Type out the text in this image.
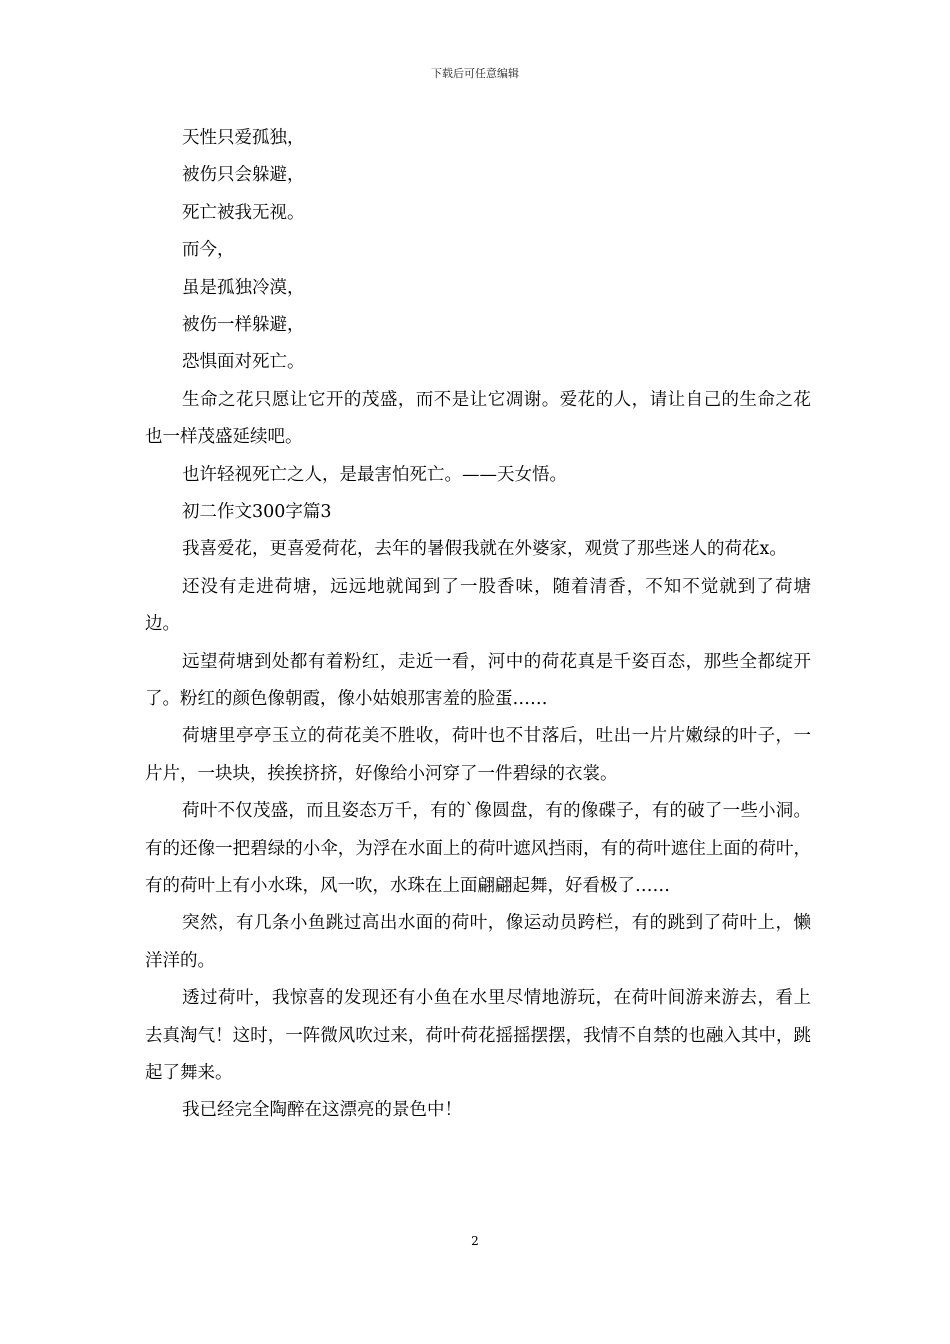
下载后可任意编辑
天性只爱孤独，
被伤只会躲避，
死亡被我无视。
而今，
虽是孤独冷漠，
被伤一样躲避，
恐惧面对死亡。
生命之花只愿让它开的茂盛，而不是让它凋谢。爱花的人，请让自己的生命之花也一样茂盛延续吧。
也许轻视死亡之人，是最害怕死亡。——天女悟。
初二作文300字篇3
我喜爱花，更喜爱荷花，去年的暑假我就在外婆家，观赏了那些迷人的荷花x。
还没有走进荷塘，远远地就闻到了一股香味，随着清香，不知不觉就到了荷塘边。
远望荷塘到处都有着粉红，走近一看，河中的荷花真是千姿百态，那些全都绽开了。粉红的颜色像朝霞，像小姑娘那害羞的脸蛋……
荷塘里亭亭玉立的荷花美不胜收，荷叶也不甘落后，吐出一片片嫩绿的叶子，一片片，一块块，挨挨挤挤，好像给小河穿了一件碧绿的衣裳。
荷叶不仅茂盛，而且姿态万千，有的`像圆盘，有的像碟子，有的破了一些小洞。有的还像一把碧绿的小伞，为浮在水面上的荷叶遮风挡雨，有的荷叶遮住上面的荷叶，有的荷叶上有小水珠，风一吹，水珠在上面翩翩起舞，好看极了……
突然，有几条小鱼跳过高出水面的荷叶，像运动员跨栏，有的跳到了荷叶上，懒洋洋的。
透过荷叶，我惊喜的发现还有小鱼在水里尽情地游玩，在荷叶间游来游去，看上去真淘气！这时，一阵微风吹过来，荷叶荷花摇摇摆摆，我情不自禁的也融入其中，跳起了舞来。
我已经完全陶醉在这漂亮的景色中！
2
